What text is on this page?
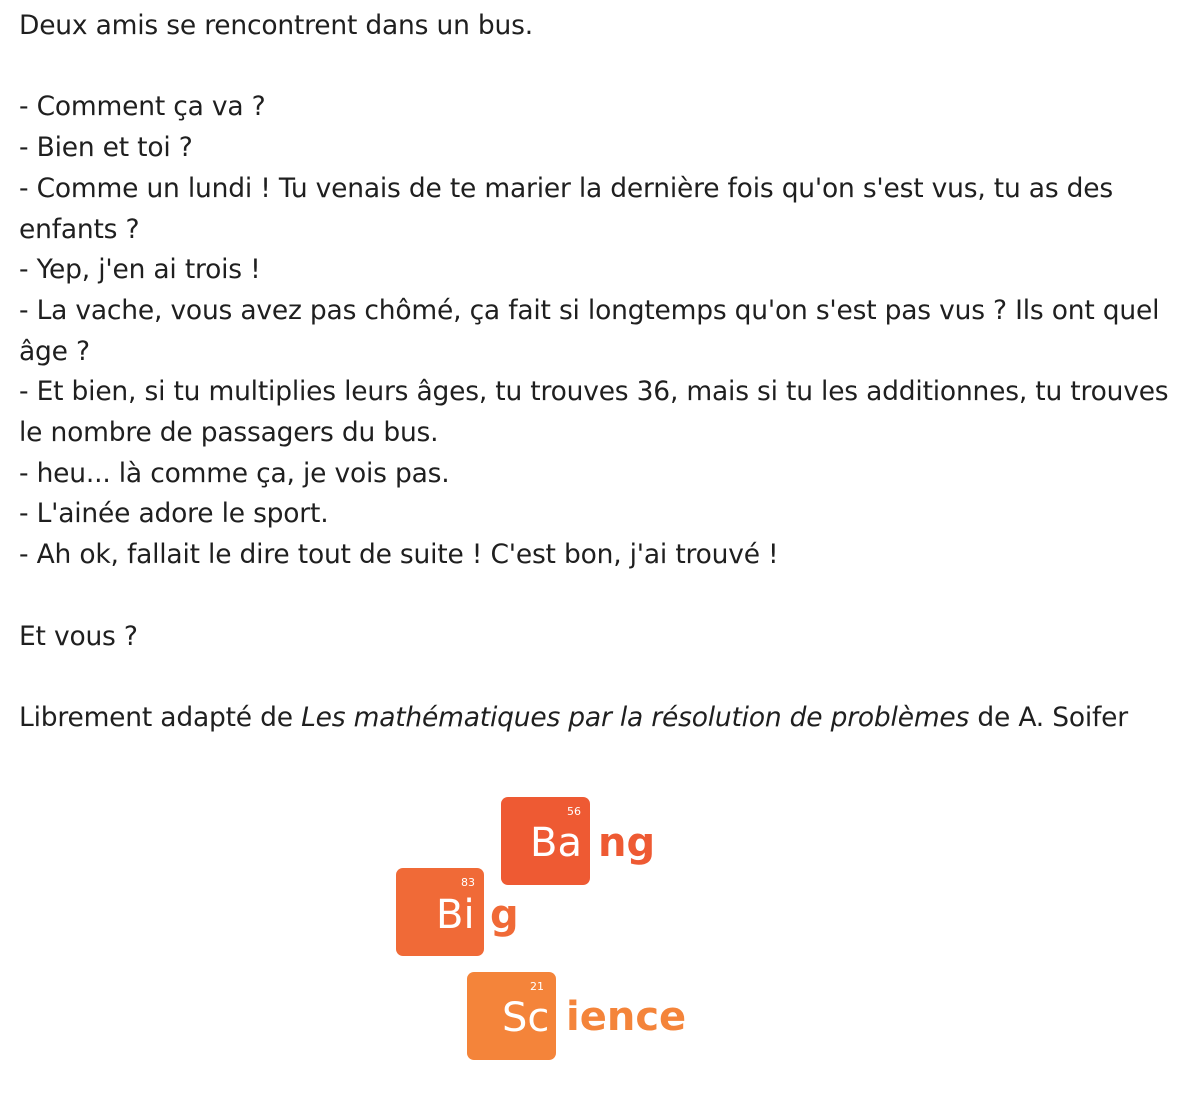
Deux amis se rencontrent dans un bus.

- Comment ça va ?

- Bien et toi ?

- Comme un lundi ! Tu venais de te marier la dernière fois qu'on s'est vus, tu as des enfants ?

- Yep, j'en ai trois !

- La vache, vous avez pas chômé, ça fait si longtemps qu'on s'est pas vus ? Ils ont quel âge ?

- Et bien, si tu multiplies leurs âges, tu trouves 36, mais si tu les additionnes, tu trouves le nombre de passagers du bus.

- heu... là comme ça, je vois pas.

- L'ainée adore le sport.

- Ah ok, fallait le dire tout de suite ! C'est bon, j'ai trouvé !

Et vous ?

Librement adapté de Les mathématiques par la résolution de problèmes de A. Soifer

56
Ba ng
83
Bi g
21
Sc ience
